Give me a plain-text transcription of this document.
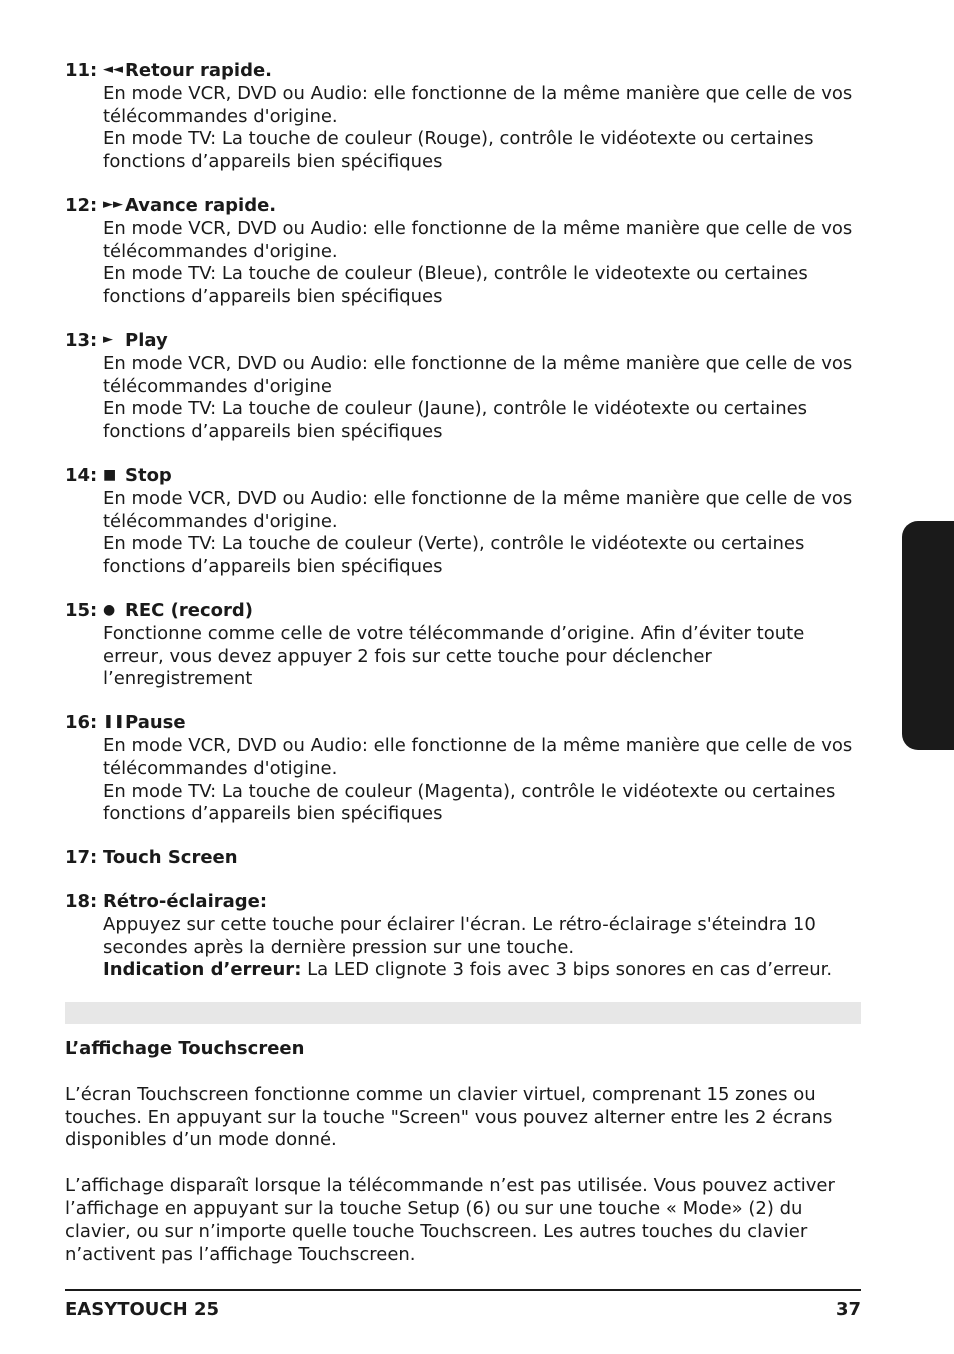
11: ◄◄ Retour rapide.

En mode VCR, DVD ou Audio: elle fonctionne de la même manière que celle de vos télécommandes d'origine.

En mode TV: La touche de couleur (Rouge), contrôle le vidéotexte ou certaines fonctions d’appareils bien spécifiques

12: ►► Avance rapide.

En mode VCR, DVD ou Audio: elle fonctionne de la même manière que celle de vos télécommandes d'origine.

En mode TV: La touche de couleur (Bleue), contrôle le videotexte ou certaines fonctions d’appareils bien spécifiques

13: ► Play

En mode VCR, DVD ou Audio: elle fonctionne de la même manière que celle de vos télécommandes d'origine

En mode TV: La touche de couleur (Jaune), contrôle le vidéotexte ou certaines fonctions d’appareils bien spécifiques

14: ■ Stop

En mode VCR, DVD ou Audio: elle fonctionne de la même manière que celle de vos télécommandes d'origine.

En mode TV: La touche de couleur (Verte), contrôle le vidéotexte ou certaines fonctions d’appareils bien spécifiques

15: ● REC (record)

Fonctionne comme celle de votre télécommande d’origine. Afin d’éviter toute erreur, vous devez appuyer 2 fois sur cette touche pour déclencher l’enregistrement

16: ❚❚ Pause

En mode VCR, DVD ou Audio: elle fonctionne de la même manière que celle de vos télécommandes d'otigine.

En mode TV: La touche de couleur (Magenta), contrôle le vidéotexte ou certaines fonctions d’appareils bien spécifiques

17: Touch Screen
18: Rétro-éclairage:

Appuyez sur cette touche pour éclairer l'écran. Le rétro-éclairage s'éteindra 10 secondes après la dernière pression sur une touche.

Indication d’erreur: La LED clignote 3 fois avec 3 bips sonores en cas d’erreur.

L’affichage Touchscreen

L’écran Touchscreen fonctionne comme un clavier virtuel, comprenant 15 zones ou touches. En appuyant sur la touche "Screen" vous pouvez alterner entre les 2 écrans disponibles d’un mode donné.

L’affichage disparaît lorsque la télécommande n’est pas utilisée. Vous pouvez activer l’affichage en appuyant sur la touche Setup (6) ou sur une touche « Mode» (2) du clavier, ou sur n’importe quelle touche Touchscreen. Les autres touches du clavier n’activent pas l’affichage Touchscreen.

EASYTOUCH 25	37
